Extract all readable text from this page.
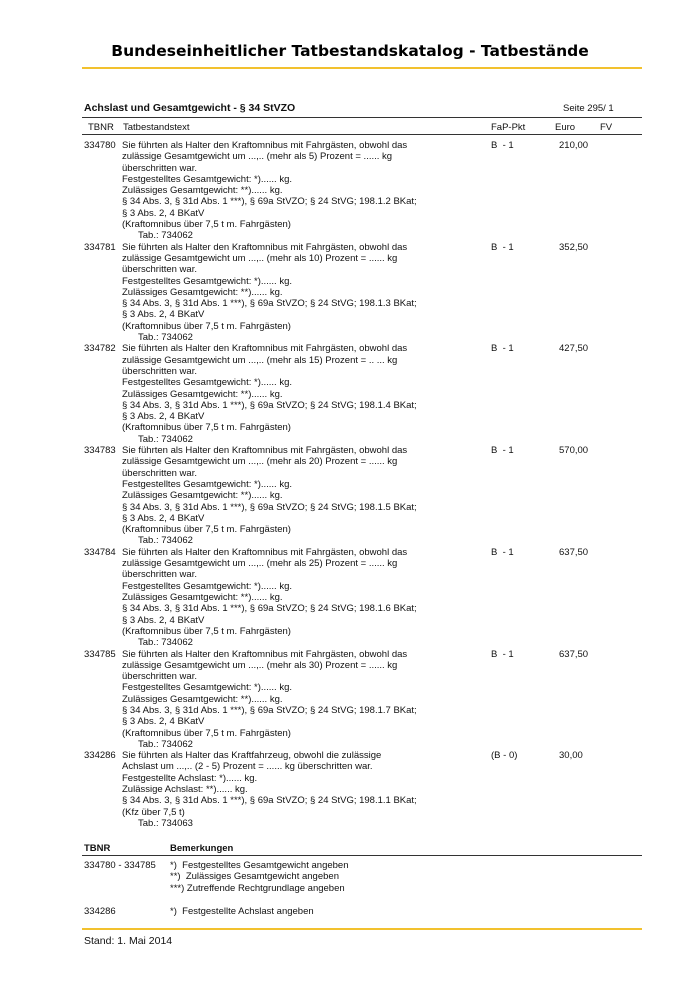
Bundeseinheitlicher Tatbestandskatalog - Tatbestände
Achslast und Gesamtgewicht - § 34 StVZO	Seite 295/ 1
TBNR Tatbestandstext	FaP-Pkt	Euro	FV
334780 Sie führten als Halter den Kraftomnibus mit Fahrgästen, obwohl das
zulässige Gesamtgewicht um ...,.. (mehr als 5) Prozent = ...... kg
überschritten war.
Festgestelltes Gesamtgewicht: *)...... kg.
Zulässiges Gesamtgewicht: **)...... kg.
§ 34 Abs. 3, § 31d Abs. 1 ***), § 69a StVZO; § 24 StVG; 198.1.2 BKat;
§ 3 Abs. 2, 4 BKatV
(Kraftomnibus über 7,5 t m. Fahrgästen)
Tab.: 734062
B  - 1	210,00
334781 Sie führten als Halter den Kraftomnibus mit Fahrgästen, obwohl das
zulässige Gesamtgewicht um ...,.. (mehr als 10) Prozent = ...... kg
überschritten war.
Festgestelltes Gesamtgewicht: *)...... kg.
Zulässiges Gesamtgewicht: **)...... kg.
§ 34 Abs. 3, § 31d Abs. 1 ***), § 69a StVZO; § 24 StVG; 198.1.3 BKat;
§ 3 Abs. 2, 4 BKatV
(Kraftomnibus über 7,5 t m. Fahrgästen)
Tab.: 734062
B  - 1	352,50
334782 Sie führten als Halter den Kraftomnibus mit Fahrgästen, obwohl das
zulässige Gesamtgewicht um ...,.. (mehr als 15) Prozent = .. ... kg
überschritten war.
Festgestelltes Gesamtgewicht: *)...... kg.
Zulässiges Gesamtgewicht: **)...... kg.
§ 34 Abs. 3, § 31d Abs. 1 ***), § 69a StVZO; § 24 StVG; 198.1.4 BKat;
§ 3 Abs. 2, 4 BKatV
(Kraftomnibus über 7,5 t m. Fahrgästen)
Tab.: 734062
B  - 1	427,50
334783 Sie führten als Halter den Kraftomnibus mit Fahrgästen, obwohl das
zulässige Gesamtgewicht um ...,.. (mehr als 20) Prozent = ...... kg
überschritten war.
Festgestelltes Gesamtgewicht: *)...... kg.
Zulässiges Gesamtgewicht: **)...... kg.
§ 34 Abs. 3, § 31d Abs. 1 ***), § 69a StVZO; § 24 StVG; 198.1.5 BKat;
§ 3 Abs. 2, 4 BKatV
(Kraftomnibus über 7,5 t m. Fahrgästen)
Tab.: 734062
B  - 1	570,00
334784 Sie führten als Halter den Kraftomnibus mit Fahrgästen, obwohl das
zulässige Gesamtgewicht um ...,.. (mehr als 25) Prozent = ...... kg
überschritten war.
Festgestelltes Gesamtgewicht: *)...... kg.
Zulässiges Gesamtgewicht: **)...... kg.
§ 34 Abs. 3, § 31d Abs. 1 ***), § 69a StVZO; § 24 StVG; 198.1.6 BKat;
§ 3 Abs. 2, 4 BKatV
(Kraftomnibus über 7,5 t m. Fahrgästen)
Tab.: 734062
B  - 1	637,50
334785 Sie führten als Halter den Kraftomnibus mit Fahrgästen, obwohl das
zulässige Gesamtgewicht um ...,.. (mehr als 30) Prozent = ...... kg
überschritten war.
Festgestelltes Gesamtgewicht: *)...... kg.
Zulässiges Gesamtgewicht: **)...... kg.
§ 34 Abs. 3, § 31d Abs. 1 ***), § 69a StVZO; § 24 StVG; 198.1.7 BKat;
§ 3 Abs. 2, 4 BKatV
(Kraftomnibus über 7,5 t m. Fahrgästen)
Tab.: 734062
B  - 1	637,50
334286 Sie führten als Halter das Kraftfahrzeug, obwohl die zulässige
Achslast um ...,.. (2 - 5) Prozent = ...... kg überschritten war.
Festgestellte Achslast: *)...... kg.
Zulässige Achslast: **)...... kg.
§ 34 Abs. 3, § 31d Abs. 1 ***), § 69a StVZO; § 24 StVG; 198.1.1 BKat;
(Kfz über 7,5 t)
Tab.: 734063
(B - 0)	30,00
TBNR	Bemerkungen
334780 - 334785 *)  Festgestelltes Gesamtgewicht angeben
**)  Zulässiges Gesamtgewicht angeben
***) Zutreffende Rechtgrundlage angeben
334286	*)  Festgestellte Achslast angeben
Stand: 1. Mai 2014
